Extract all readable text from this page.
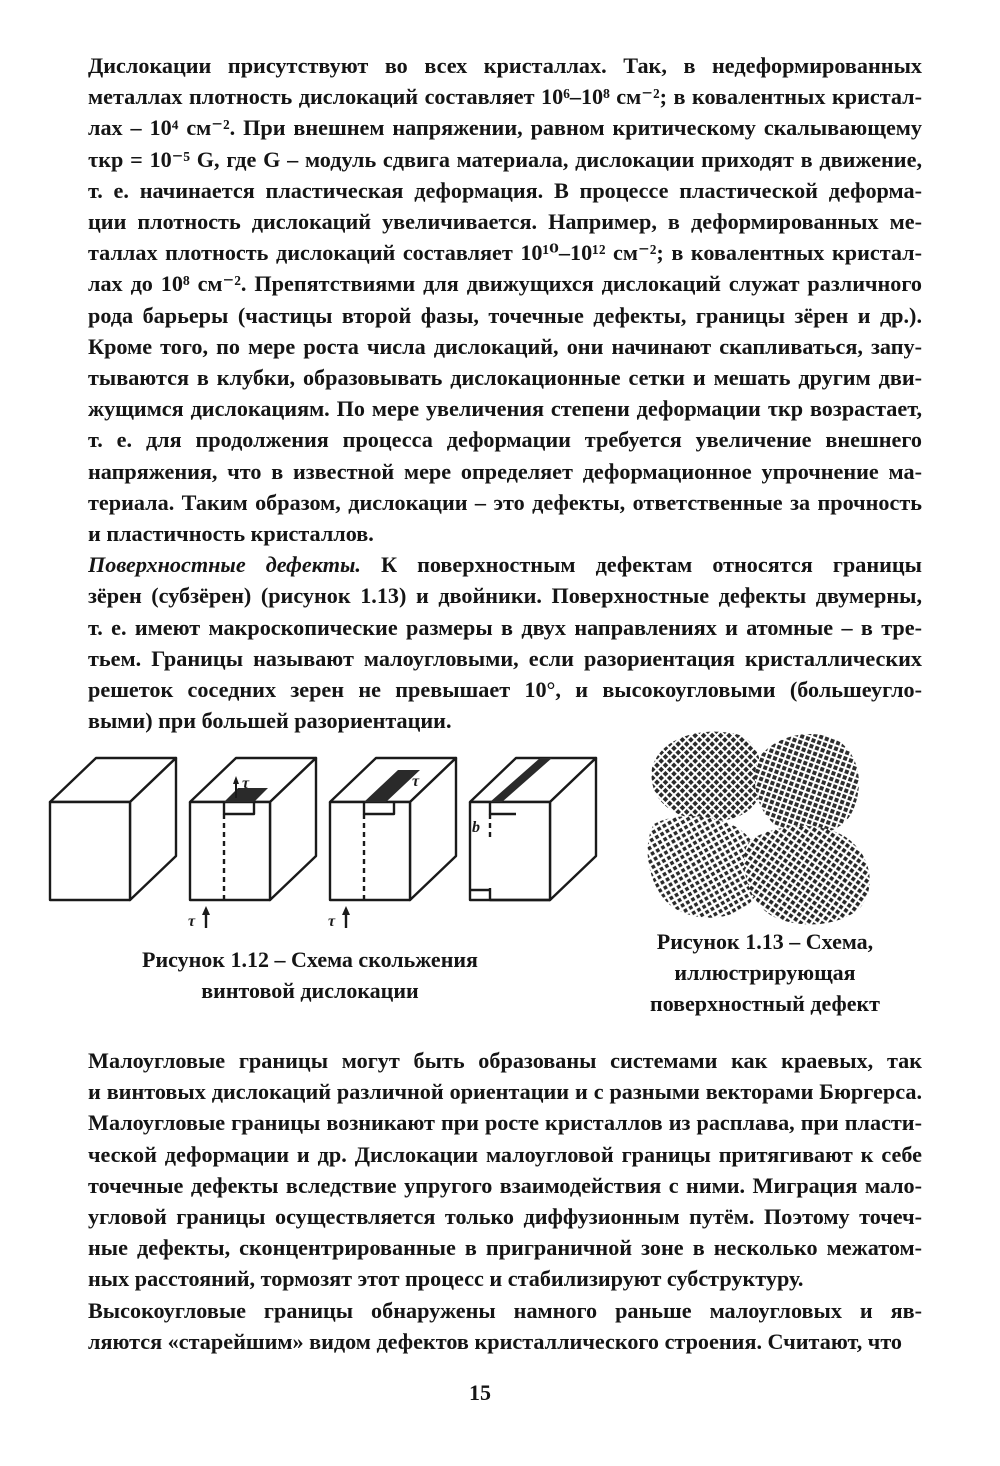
Дислокации присутствуют во всех кристаллах. Так, в недеформированных
металлах плотность дислокаций составляет 10⁶–10⁸ см⁻²; в ковалентных кристал-
лах – 10⁴ см⁻². При внешнем напряжении, равном критическому скалывающему
τкр = 10⁻⁵ G, где G – модуль сдвига материала, дислокации приходят в движение,
т. е. начинается пластическая деформация. В процессе пластической деформа-
ции плотность дислокаций увеличивается. Например, в деформированных ме-
таллах плотность дислокаций составляет 10¹⁰–10¹² см⁻²; в ковалентных кристал-
лах до 10⁸ см⁻². Препятствиями для движущихся дислокаций служат различного
рода барьеры (частицы второй фазы, точечные дефекты, границы зёрен и др.).
Кроме того, по мере роста числа дислокаций, они начинают скапливаться, запу-
тываются в клубки, образовывать дислокационные сетки и мешать другим дви-
жущимся дислокациям. По мере увеличения степени деформации τкр возрастает,
т. е. для продолжения процесса деформации требуется увеличение внешнего
напряжения, что в известной мере определяет деформационное упрочнение ма-
териала. Таким образом, дислокации – это дефекты, ответственные за прочность
и пластичность кристаллов.
Поверхностные дефекты. К поверхностным дефектам относятся границы
зёрен (субзёрен) (рисунок 1.13) и двойники. Поверхностные дефекты двумерны,
т. е. имеют макроскопические размеры в двух направлениях и атомные – в тре-
тьем. Границы называют малоугловыми, если разориентация кристаллических
решеток соседних зерен не превышает 10°, и высокоугловыми (большеугло-
выми) при большей разориентации.
τ	τ
b
τ	τ
Рисунок 1.12 – Схема скольжения
винтовой дислокации
Рисунок 1.13 – Схема,
иллюстрирующая
поверхностный дефект
Малоугловые границы могут быть образованы системами как краевых, так
и винтовых дислокаций различной ориентации и с разными векторами Бюргерса.
Малоугловые границы возникают при росте кристаллов из расплава, при пласти-
ческой деформации и др. Дислокации малоугловой границы притягивают к себе
точечные дефекты вследствие упругого взаимодействия с ними. Миграция мало-
угловой границы осуществляется только диффузионным путём. Поэтому точеч-
ные дефекты, сконцентрированные в приграничной зоне в несколько межатом-
ных расстояний, тормозят этот процесс и стабилизируют субструктуру.
Высокоугловые границы обнаружены намного раньше малоугловых и яв-
ляются «старейшим» видом дефектов кристаллического строения. Считают, что
15
